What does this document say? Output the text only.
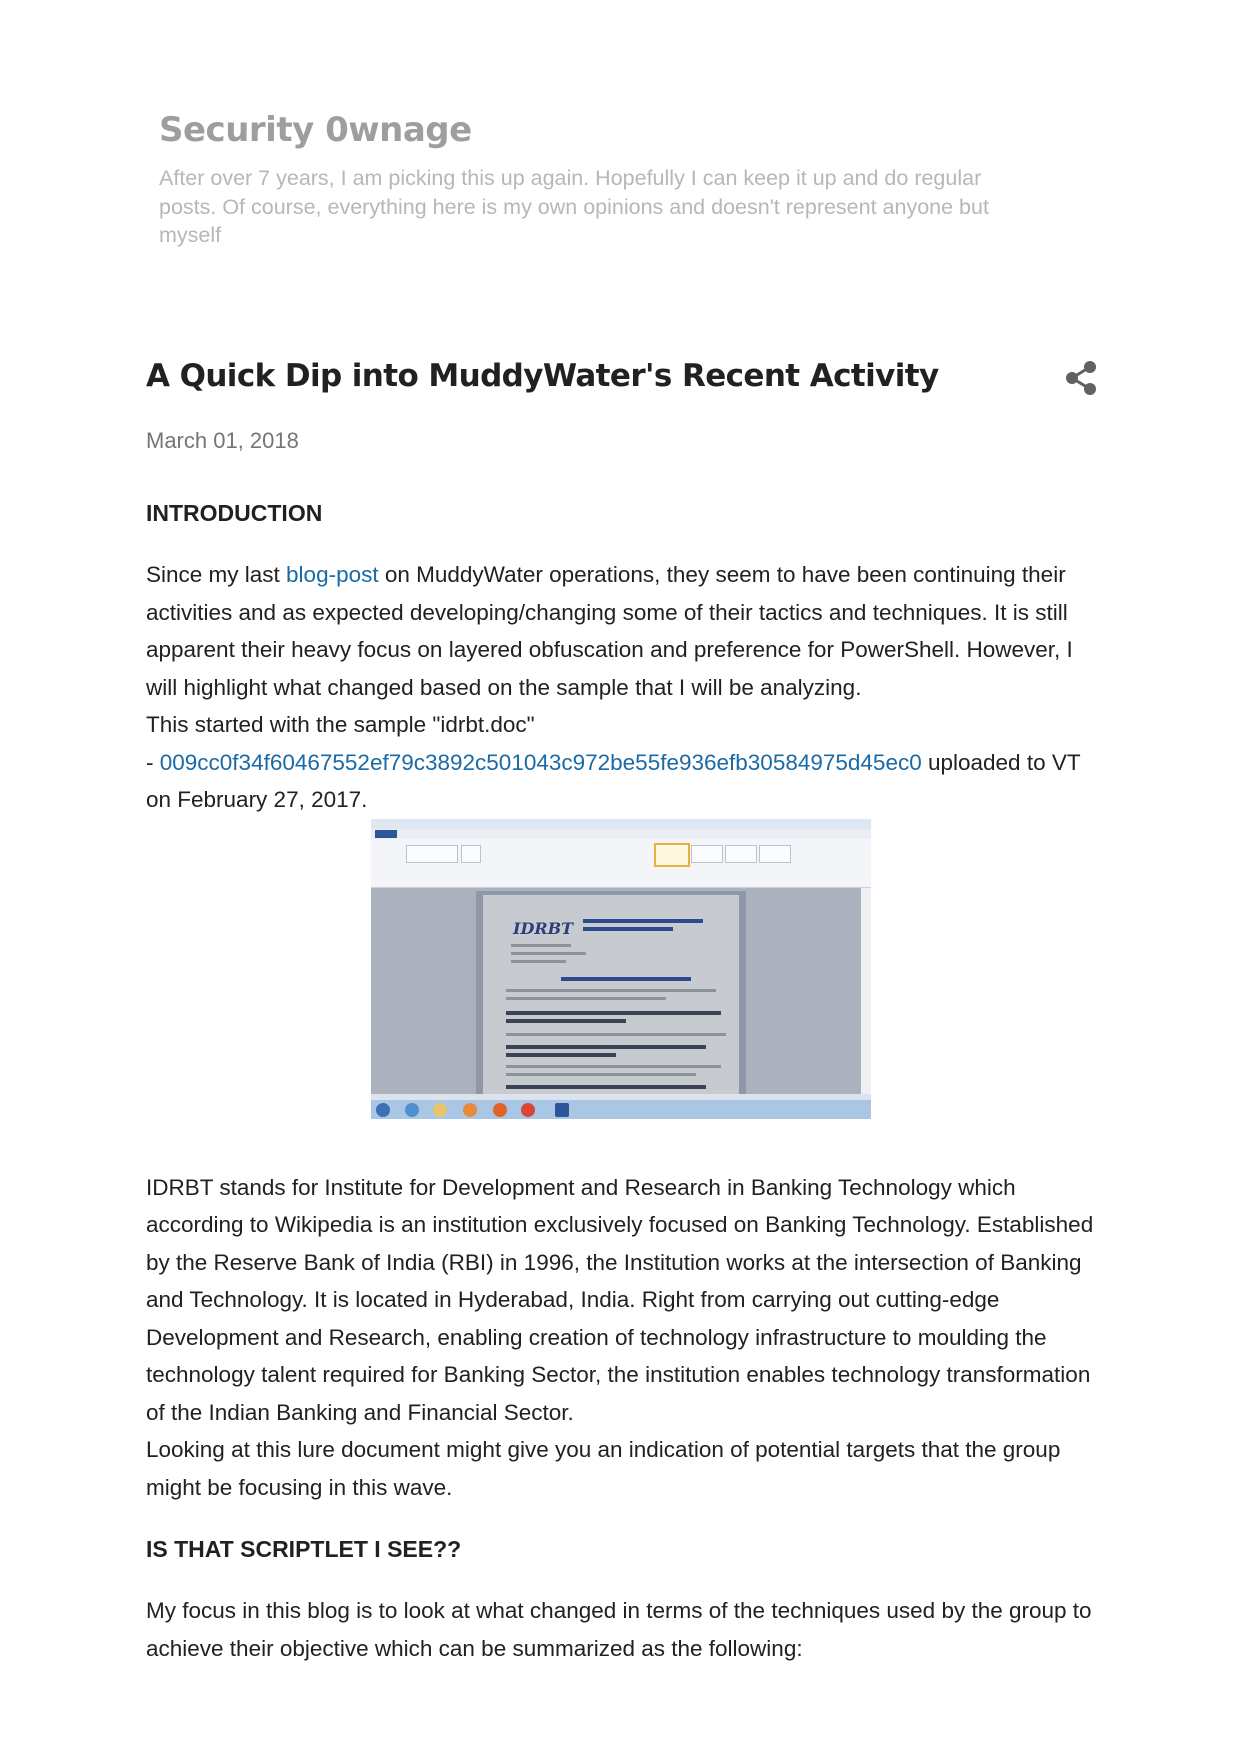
Security 0wnage
After over 7 years, I am picking this up again. Hopefully I can keep it up and do regular posts. Of course, everything here is my own opinions and doesn't represent anyone but myself
A Quick Dip into MuddyWater's Recent Activity
March 01, 2018
INTRODUCTION

Since my last blog-post on MuddyWater operations, they seem to have been continuing their activities and as expected developing/changing some of their tactics and techniques. It is still apparent their heavy focus on layered obfuscation and preference for PowerShell. However, I will highlight what changed based on the sample that I will be analyzing.

This started with the sample "idrbt.doc"

- 009cc0f34f60467552ef79c3892c501043c972be55fe936efb30584975d45ec0 uploaded to VT on February 27, 2017.

IDRBT

IDRBT stands for Institute for Development and Research in Banking Technology which according to Wikipedia is an institution exclusively focused on Banking Technology. Established by the Reserve Bank of India (RBI) in 1996, the Institution works at the intersection of Banking and Technology. It is located in Hyderabad, India. Right from carrying out cutting-edge Development and Research, enabling creation of technology infrastructure to moulding the technology talent required for Banking Sector, the institution enables technology transformation of the Indian Banking and Financial Sector.

Looking at this lure document might give you an indication of potential targets that the group might be focusing in this wave.

IS THAT SCRIPTLET I SEE??

My focus in this blog is to look at what changed in terms of the techniques used by the group to achieve their objective which can be summarized as the following:
